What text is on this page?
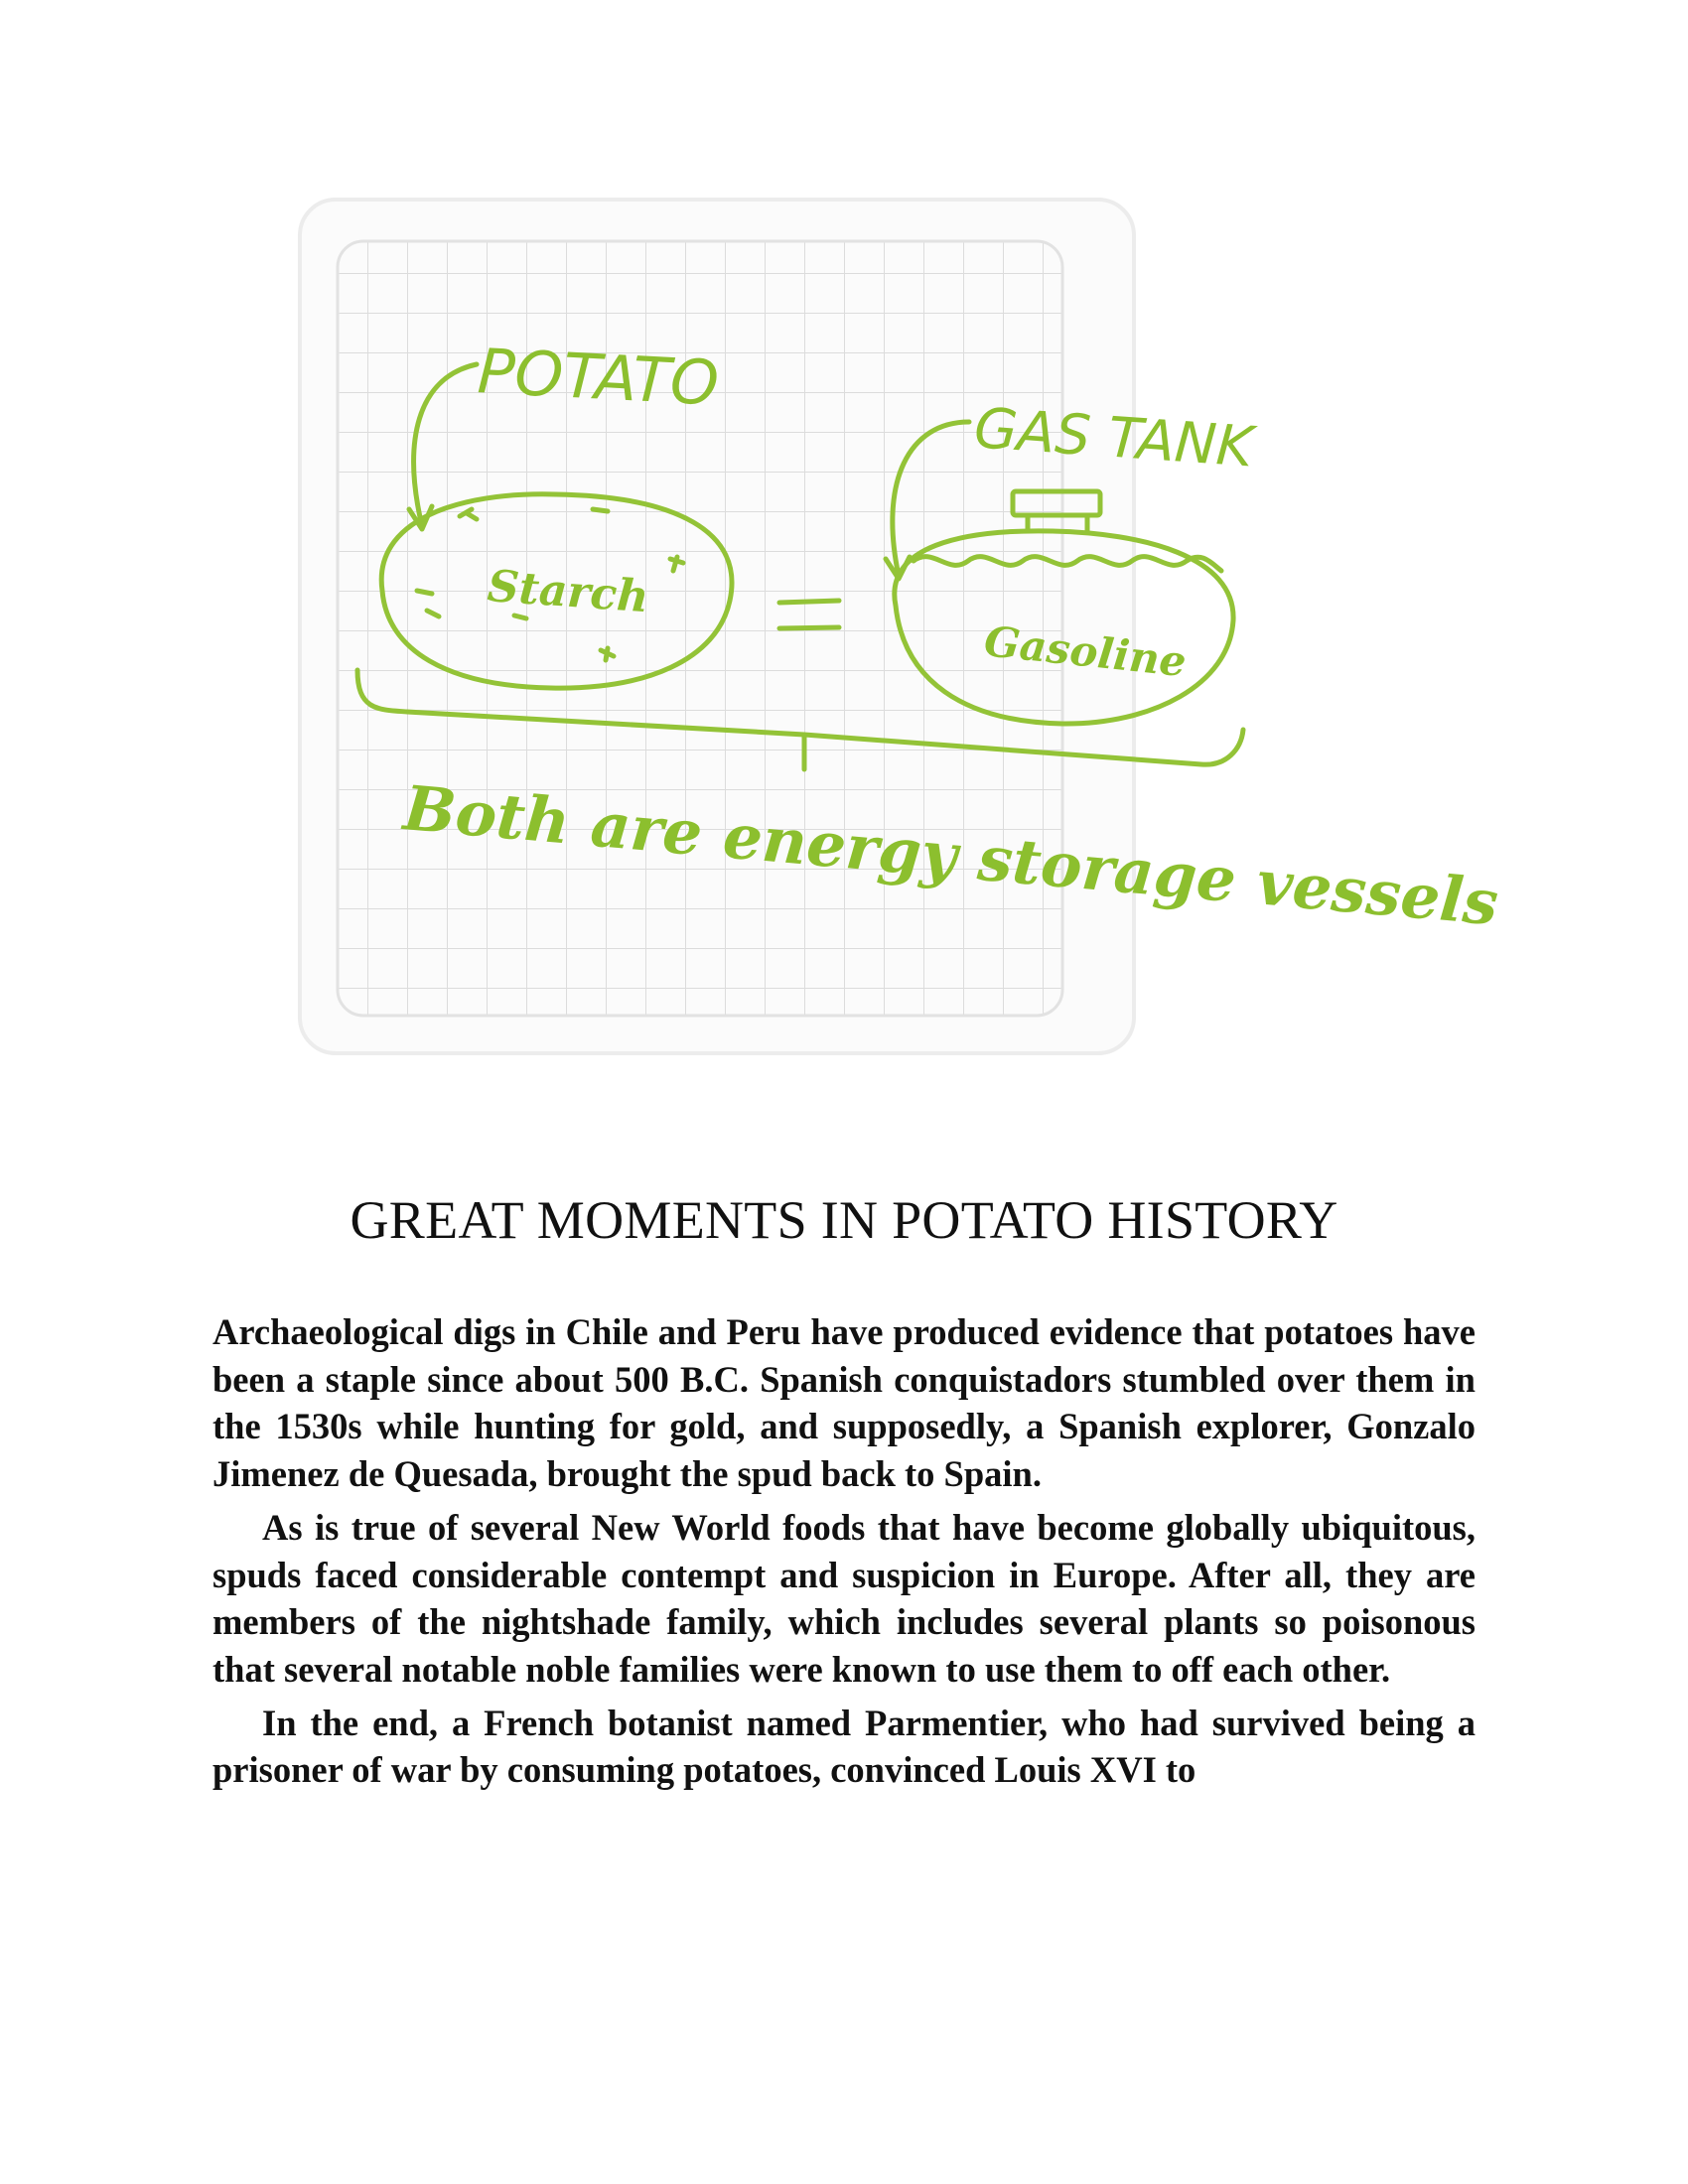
POTATO
Starch
GAS TANK
Gasoline
Both are energy storage vessels
GREAT MOMENTS IN POTATO HISTORY

Archaeological digs in Chile and Peru have produced evidence that potatoes have been a staple since about 500 B.C. Spanish conquistadors stumbled over them in the 1530s while hunting for gold, and supposedly, a Spanish explorer, Gonzalo Jimenez de Quesada, brought the spud back to Spain.

As is true of several New World foods that have become globally ubiquitous, spuds faced considerable contempt and suspicion in Europe. After all, they are members of the nightshade family, which includes several plants so poisonous that several notable noble families were known to use them to off each other.

In the end, a French botanist named Parmentier, who had survived being a prisoner of war by consuming potatoes, convinced Louis XVI to
